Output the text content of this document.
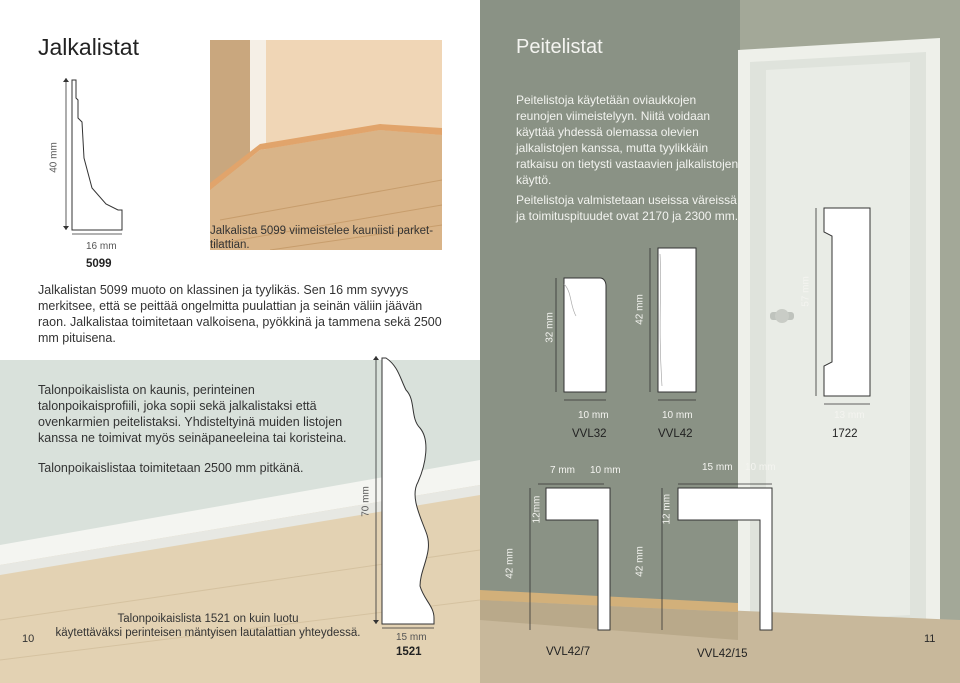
Jalkalistat
40 mm
16 mm
5099
Jalkalista 5099 viimeistelee kauniisti parket-
tilattian.
Jalkalistan 5099 muoto on klassinen ja tyylikäs. Sen 16 mm syvyys merkitsee, että se peittää ongelmitta puulattian ja seinän väliin jäävän raon. Jalkalistaa toimitetaan valkoisena, pyökkinä ja tammena sekä 2500 mm pituisena.
70 mm
Talonpoikaislista on kaunis, perinteinen talonpoikaisprofiili, joka sopii sekä jalkalistaksi että ovenkarmien peitelistaksi. Yhdisteltyinä muiden listojen kanssa ne toimivat myös seinäpaneeleina tai koristeina.
Talonpoikaislistaa toimitetaan 2500 mm pitkänä.
Talonpoikaislista 1521 on kuin luotu
käytettäväksi perinteisen mäntyisen lautalattian yhteydessä.
10	15 mm
1521
Peitelistat
Peitelistoja käytetään oviaukkojen reunojen viimeistelyyn. Niitä voidaan käyttää yhdessä olemassa olevien jalkalistojen kanssa, mutta tyylikkäin ratkaisu on tietysti vastaavien jalkalistojen käyttö.
Peitelistoja valmistetaan useissa väreissä ja toimituspituudet ovat 2170 ja 2300 mm.
32 mm
10 mm
VVL32
42 mm
10 mm
VVL42
57 mm
13 mm
1722
7 mm 10 mm
12mm
42 mm
VVL42/7
15 mm 10 mm
12 mm
42 mm
VVL42/15
11
